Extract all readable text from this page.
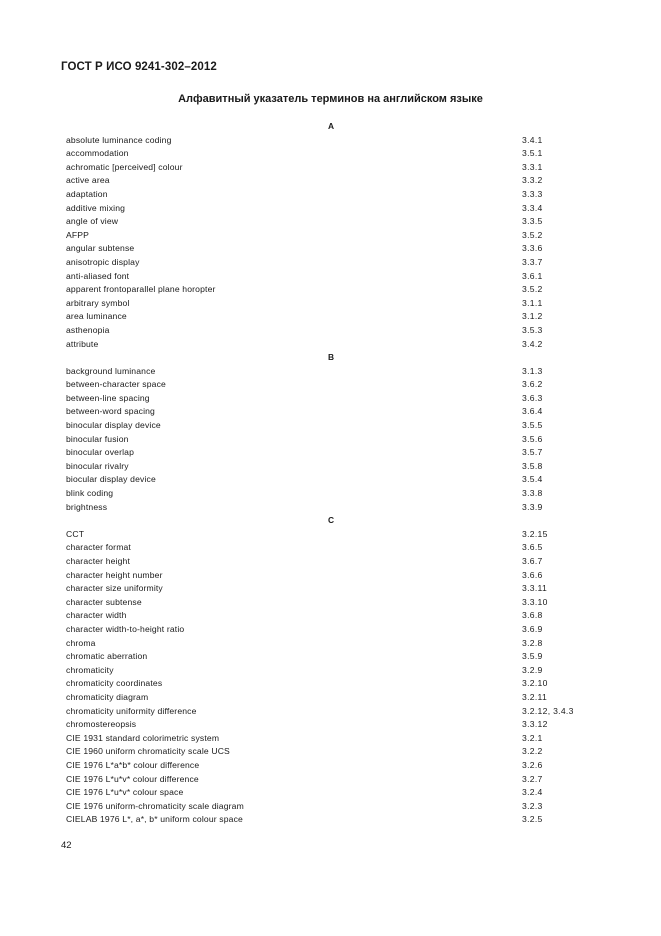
ГОСТ Р ИСО 9241-302–2012
Алфавитный указатель терминов на английском языке
A
absolute luminance coding	3.4.1
accommodation	3.5.1
achromatic [perceived] colour	3.3.1
active area	3.3.2
adaptation	3.3.3
additive mixing	3.3.4
angle of view	3.3.5
AFPP	3.5.2
angular subtense	3.3.6
anisotropic display	3.3.7
anti-aliased font	3.6.1
apparent frontoparallel plane horopter	3.5.2
arbitrary symbol	3.1.1
area luminance	3.1.2
asthenopia	3.5.3
attribute	3.4.2
B
background luminance	3.1.3
between-character space	3.6.2
between-line spacing	3.6.3
between-word spacing	3.6.4
binocular display device	3.5.5
binocular fusion	3.5.6
binocular overlap	3.5.7
binocular rivalry	3.5.8
biocular display device	3.5.4
blink coding	3.3.8
brightness	3.3.9
C
CCT	3.2.15
character format	3.6.5
character height	3.6.7
character height number	3.6.6
character size uniformity	3.3.11
character subtense	3.3.10
character width	3.6.8
character width-to-height ratio	3.6.9
chroma	3.2.8
chromatic aberration	3.5.9
chromaticity	3.2.9
chromaticity coordinates	3.2.10
chromaticity diagram	3.2.11
chromaticity uniformity difference	3.2.12, 3.4.3
chromostereopsis	3.3.12
CIE 1931 standard colorimetric system	3.2.1
CIE 1960 uniform chromaticity scale UCS	3.2.2
CIE 1976 L*a*b* colour difference	3.2.6
CIE 1976 L*u*v* colour difference	3.2.7
CIE 1976 L*u*v* colour space	3.2.4
CIE 1976 uniform-chromaticity scale diagram	3.2.3
CIELAB 1976 L*, a*, b* uniform colour space	3.2.5
42
